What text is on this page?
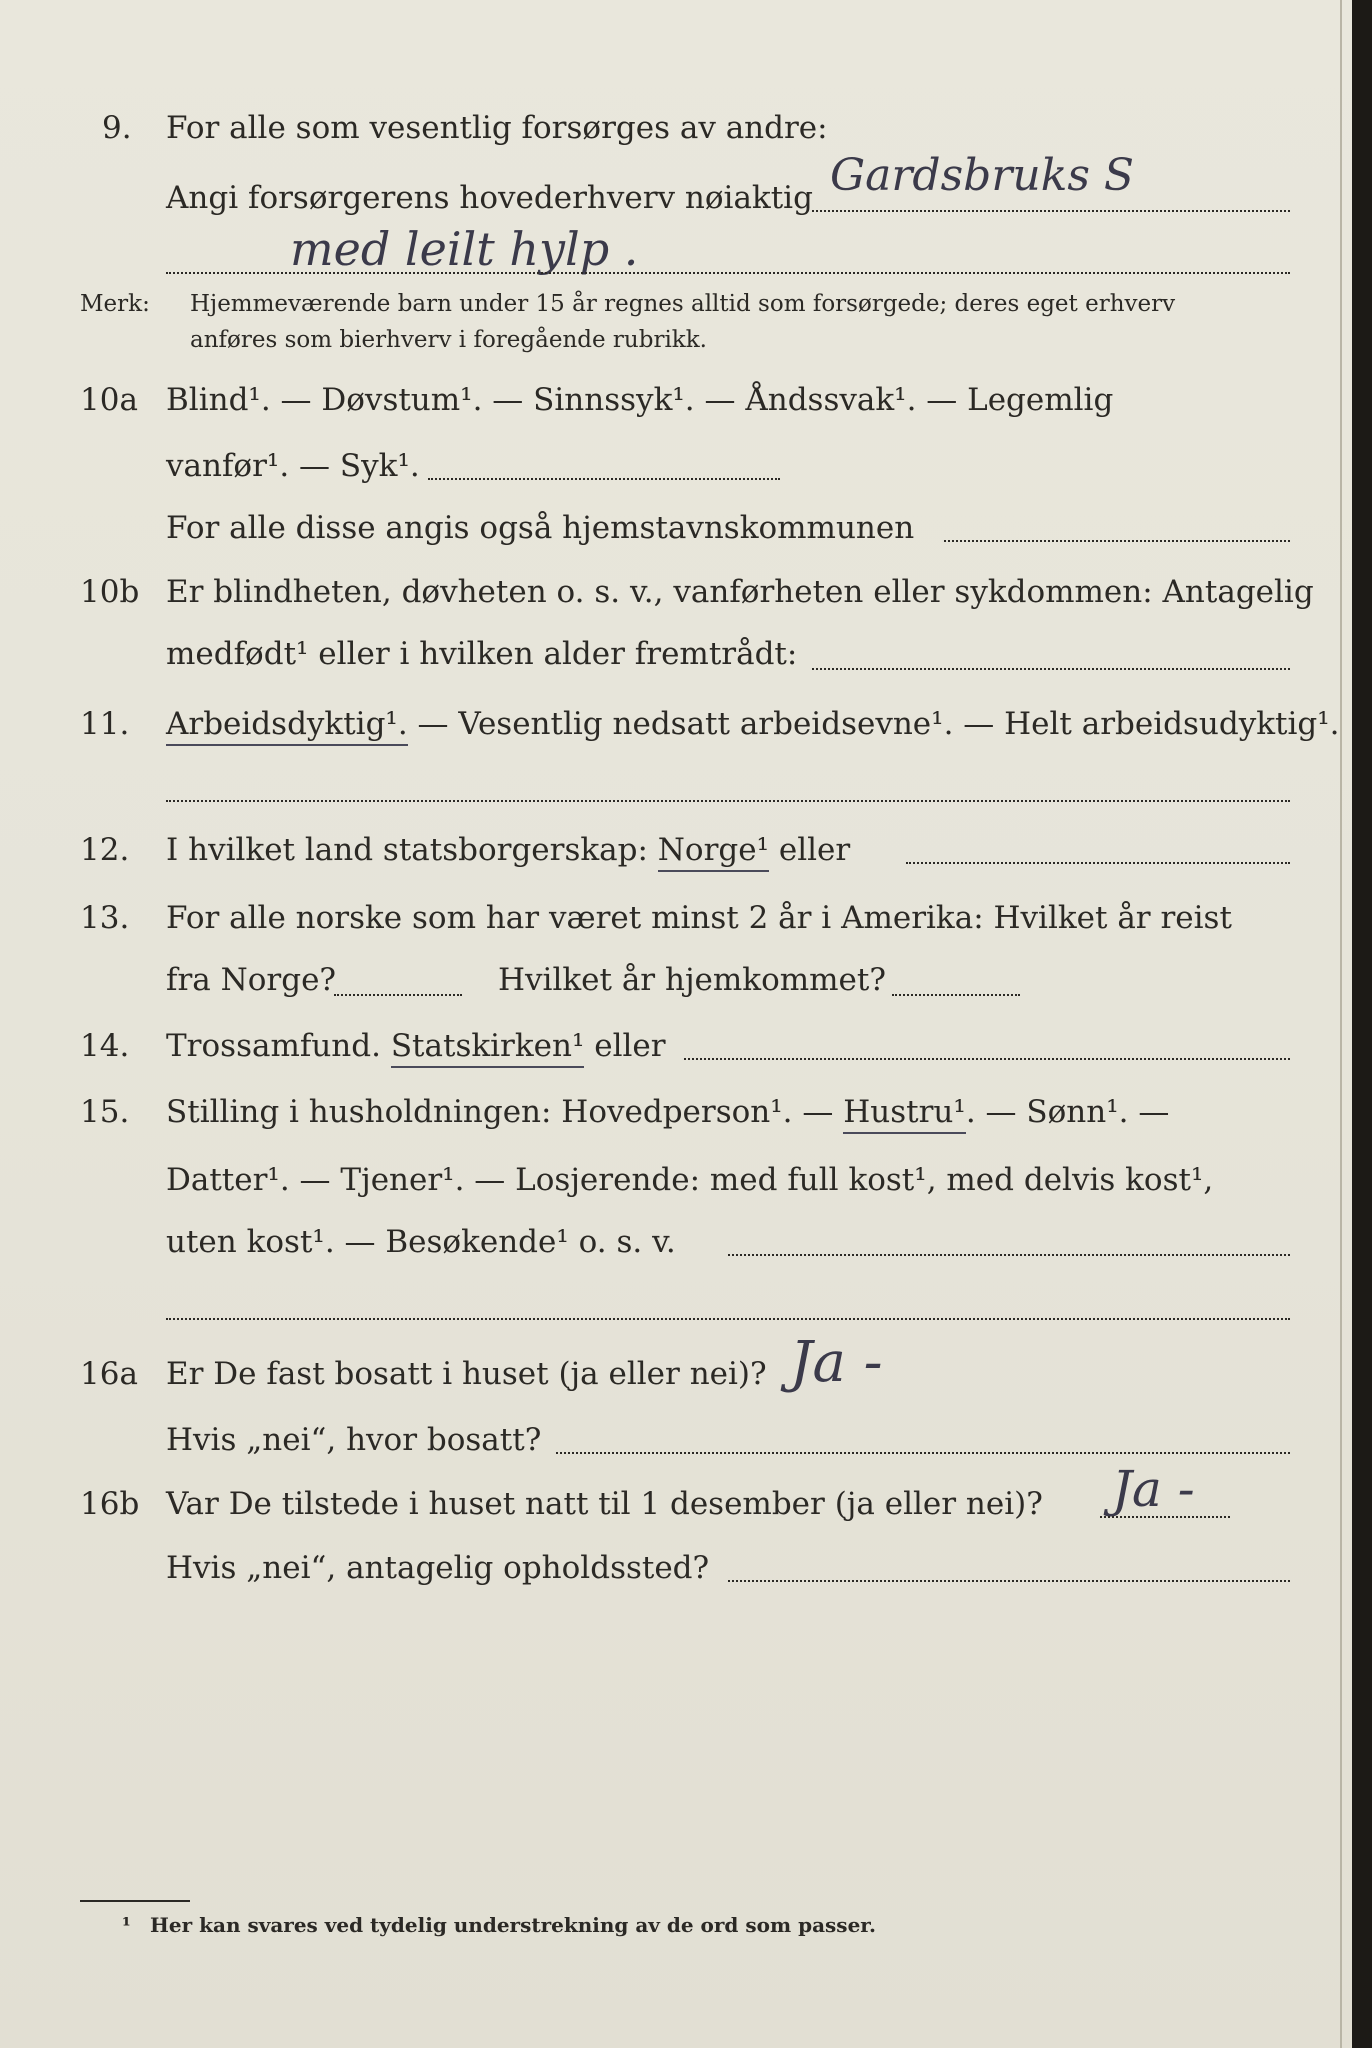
9. For alle som vesentlig forsørges av andre:
Angi forsørgerens hovederhverv nøiaktig Gardsbruks S
med leilt hylp .
Merk: Hjemmeværende barn under 15 år regnes alltid som forsørgede; deres eget erhverv
anføres som bierhverv i foregående rubrikk.
10a Blind¹. — Døvstum¹. — Sinnssyk¹. — Åndssvak¹. — Legemlig
vanfør¹. — Syk¹.
For alle disse angis også hjemstavnskommunen
10b Er blindheten, døvheten o. s. v., vanførheten eller sykdommen: Antagelig
medfødt¹ eller i hvilken alder fremtrådt:
11. Arbeidsdyktig¹. — Vesentlig nedsatt arbeidsevne¹. — Helt arbeidsudyktig¹.
12. I hvilket land statsborgerskap: Norge¹ eller
13. For alle norske som har været minst 2 år i Amerika: Hvilket år reist
fra Norge?	Hvilket år hjemkommet?
14. Trossamfund. Statskirken¹ eller
15. Stilling i husholdningen: Hovedperson¹. — Hustru¹. — Sønn¹. —
Datter¹. — Tjener¹. — Losjerende: med full kost¹, med delvis kost¹,
uten kost¹. — Besøkende¹ o. s. v.
16a Er De fast bosatt i huset (ja eller nei)? Ja -
Hvis „nei“, hvor bosatt?
16b Var De tilstede i huset natt til 1 desember (ja eller nei)? Ja -
Hvis „nei“, antagelig opholdssted?
¹ Her kan svares ved tydelig understrekning av de ord som passer.
